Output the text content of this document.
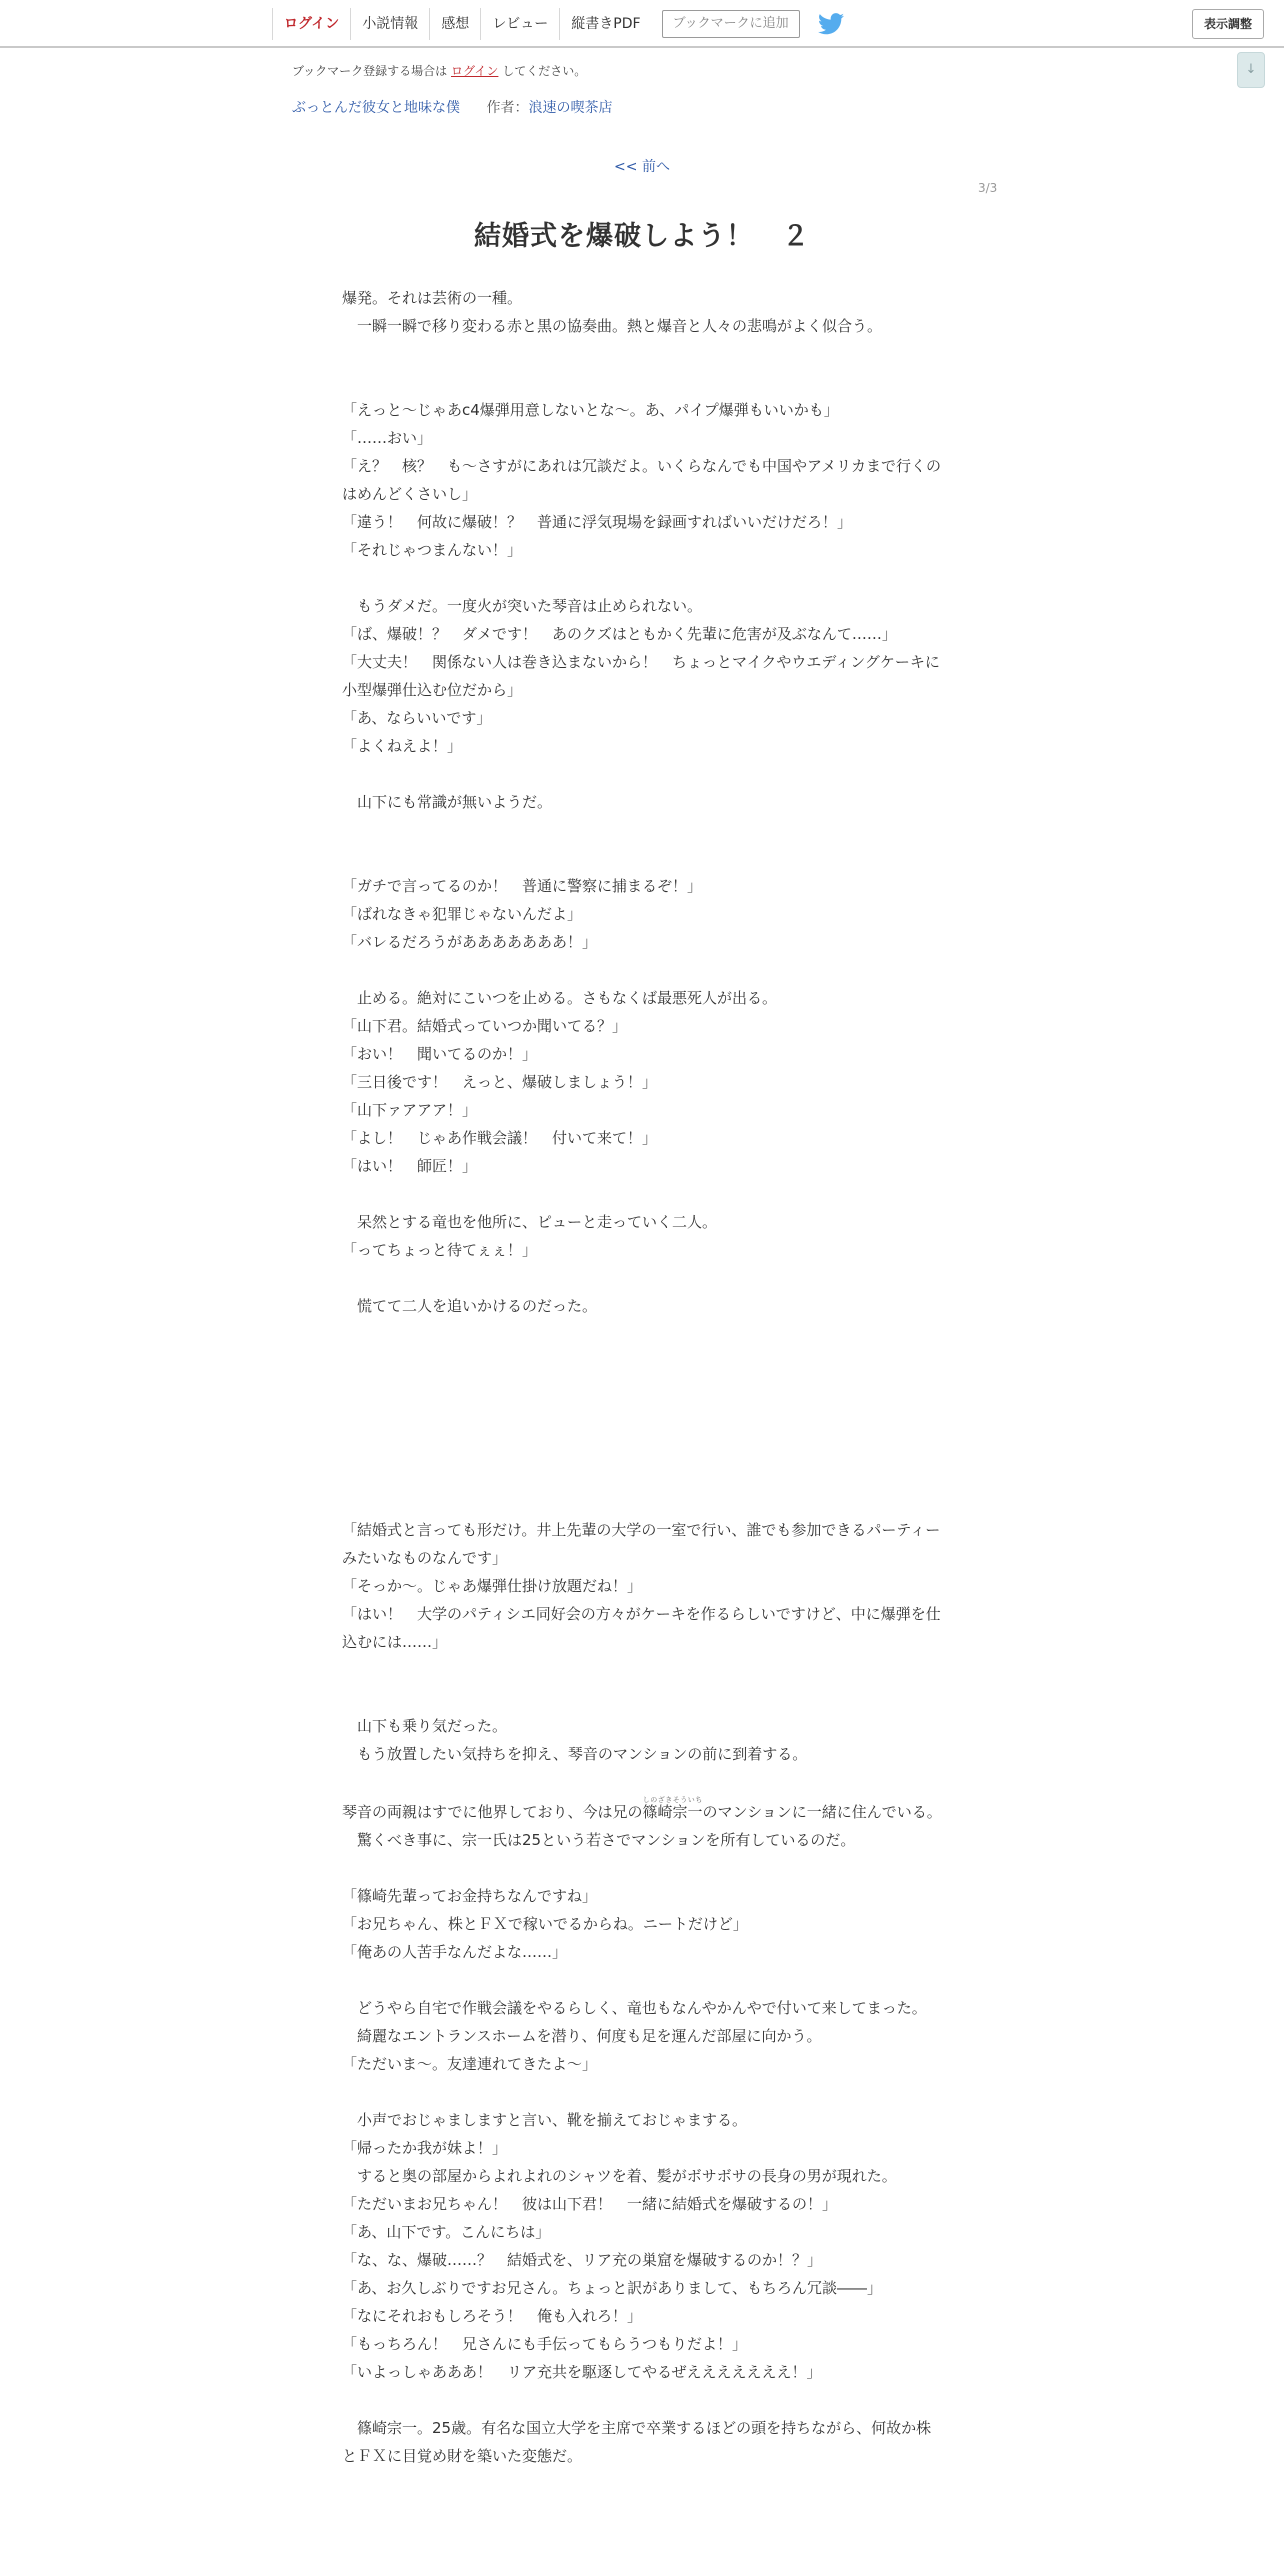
ログイン	小説情報	感想	レビュー	縦書きPDF	ブックマークに追加	表示調整
↓
ブックマーク登録する場合は ログイン してください。
ぶっとんだ彼女と地味な僕 作者：浪速の喫茶店
<< 前へ
3/3
結婚式を爆破しよう！　２

爆発。それは芸術の一種。

　一瞬一瞬で移り変わる赤と黒の協奏曲。熱と爆音と人々の悲鳴がよく似合う。

「えっと～じゃあc4爆弾用意しないとな～。あ、パイプ爆弾もいいかも」

「……おい」

「え？　核？　も～さすがにあれは冗談だよ。いくらなんでも中国やアメリカまで行くのはめんどくさいし」

「違う！　何故に爆破！？　普通に浮気現場を録画すればいいだけだろ！」

「それじゃつまんない！」

　もうダメだ。一度火が突いた琴音は止められない。

「ば、爆破！？　ダメです！　あのクズはともかく先輩に危害が及ぶなんて……」

「大丈夫！　関係ない人は巻き込まないから！　ちょっとマイクやウエディングケーキに小型爆弾仕込む位だから」

「あ、ならいいです」

「よくねえよ！」

　山下にも常識が無いようだ。

「ガチで言ってるのか！　普通に警察に捕まるぞ！」

「ばれなきゃ犯罪じゃないんだよ」

「バレるだろうがあああああああ！」

　止める。絶対にこいつを止める。さもなくば最悪死人が出る。

「山下君。結婚式っていつか聞いてる？」

「おい！　聞いてるのか！」

「三日後です！　えっと、爆破しましょう！」

「山下ァアアア！」

「よし！　じゃあ作戦会議！　付いて来て！」

「はい！　師匠！」

　呆然とする竜也を他所に、ピューと走っていく二人。

「ってちょっと待てぇぇ！」

　慌てて二人を追いかけるのだった。

「結婚式と言っても形だけ。井上先輩の大学の一室で行い、誰でも参加できるパーティーみたいなものなんです」

「そっか～。じゃあ爆弾仕掛け放題だね！」

「はい！　大学のパティシエ同好会の方々がケーキを作るらしいですけど、中に爆弾を仕込むには……」

　山下も乗り気だった。

　もう放置したい気持ちを抑え、琴音のマンションの前に到着する。

琴音の両親はすでに他界しており、今は兄の篠崎宗一しのざきそういちのマンションに一緒に住んでいる。

　驚くべき事に、宗一氏は25という若さでマンションを所有しているのだ。

「篠崎先輩ってお金持ちなんですね」

「お兄ちゃん、株とＦＸで稼いでるからね。ニートだけど」

「俺あの人苦手なんだよな……」

　どうやら自宅で作戦会議をやるらしく、竜也もなんやかんやで付いて来してまった。

　綺麗なエントランスホームを潜り、何度も足を運んだ部屋に向かう。

「ただいま～。友達連れてきたよ～」

　小声でおじゃましますと言い、靴を揃えておじゃまする。

「帰ったか我が妹よ！」

　すると奥の部屋からよれよれのシャツを着、髪がボサボサの長身の男が現れた。

「ただいまお兄ちゃん！　彼は山下君！　一緒に結婚式を爆破するの！」

「あ、山下です。こんにちは」

「な、な、爆破……？　結婚式を、リア充の巣窟を爆破するのか！？」

「あ、お久しぶりですお兄さん。ちょっと訳がありまして、もちろん冗談――」

「なにそれおもしろそう！　俺も入れろ！」

「もっちろん！　兄さんにも手伝ってもらうつもりだよ！」

「いよっしゃあああ！　リア充共を駆逐してやるぜえええええええ！」

　篠崎宗一。25歳。有名な国立大学を主席で卒業するほどの頭を持ちながら、何故か株とＦＸに目覚め財を築いた変態だ。
